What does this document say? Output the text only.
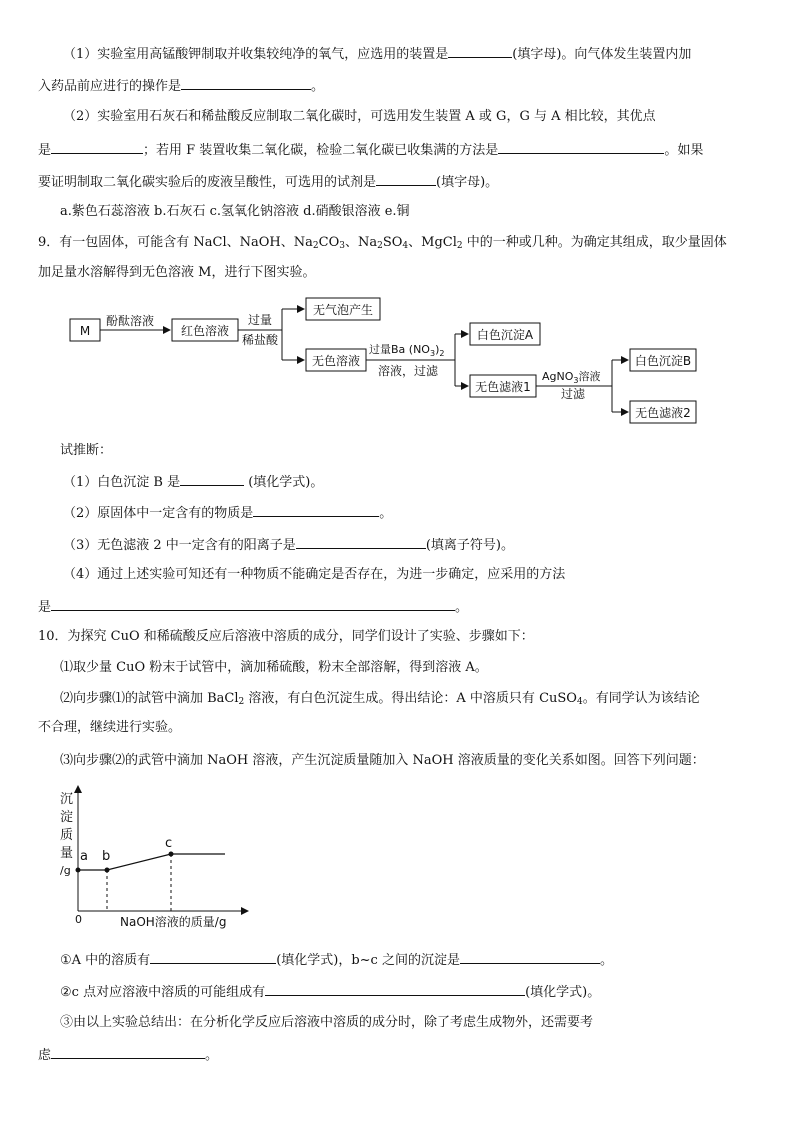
（1）实验室用高锰酸钾制取并收集较纯净的氧气，应选用的装置是	(填字母)。向气体发生装置内加
入药品前应进行的操作是	。
（2）实验室用石灰石和稀盐酸反应制取二氧化碳时，可选用发生装置 A 或 G，G 与 A 相比较，其优点
是	；若用 F 装置收集二氧化碳，检验二氧化碳已收集满的方法是	。如果
要证明制取二氧化碳实验后的废液呈酸性，可选用的试剂是	(填字母)。
a.紫色石蕊溶液 b.石灰石 c.氢氧化钠溶液 d.硝酸银溶液 e.铜
9．有一包固体，可能含有 NaCl、NaOH、$Na_2CO_3$、$Na_2SO_4$、MgCl$_2$ 中的一种或几种。为确定其组成，取少量固体
加足量水溶解得到无色溶液 M，进行下图实验。
M
酚酞溶液
红色溶液
过量
稀盐酸
无气泡产生
无色溶液
过量Ba $(NO_3)_2$
溶液，过滤
白色沉淀A
无色滤液1
AgNO$_3$溶液
过滤
白色沉淀B
无色滤液2
试推断：
（1）白色沉淀 B 是	(填化学式)。
（2）原固体中一定含有的物质是	。
（3）无色滤液 2 中一定含有的阳离子是	(填离子符号)。
（4）通过上述实验可知还有一种物质不能确定是否存在，为进一步确定，应采用的方法
是	。
10．为探究 CuO 和稀硫酸反应后溶液中溶质的成分，同学们设计了实验、步骤如下：
⑴取少量 CuO 粉末于试管中，滴加稀硫酸，粉末全部溶解，得到溶液 A。
⑵向步骤⑴的試管中滴加 BaCl$_2$ 溶液，有白色沉淀生成。得出结论：A 中溶质只有 CuSO$_4$。有同学认为该结论
不合理，继续进行实验。
⑶向步骤⑵的武管中滴加 NaOH 溶液，产生沉淀质量随加入 NaOH 溶液质量的变化关系如图。回答下列问题：
沉
淀
质
量
/g
0	NaOH溶液的质量/g
a b
c
①A 中的溶质有	(填化学式)，b~c 之间的沉淀是	。
②c 点对应溶液中溶质的可能组成有	(填化学式)。
③由以上实验总结出：在分析化学反应后溶液中溶质的成分时，除了考虑生成物外，还需要考
虑	。
